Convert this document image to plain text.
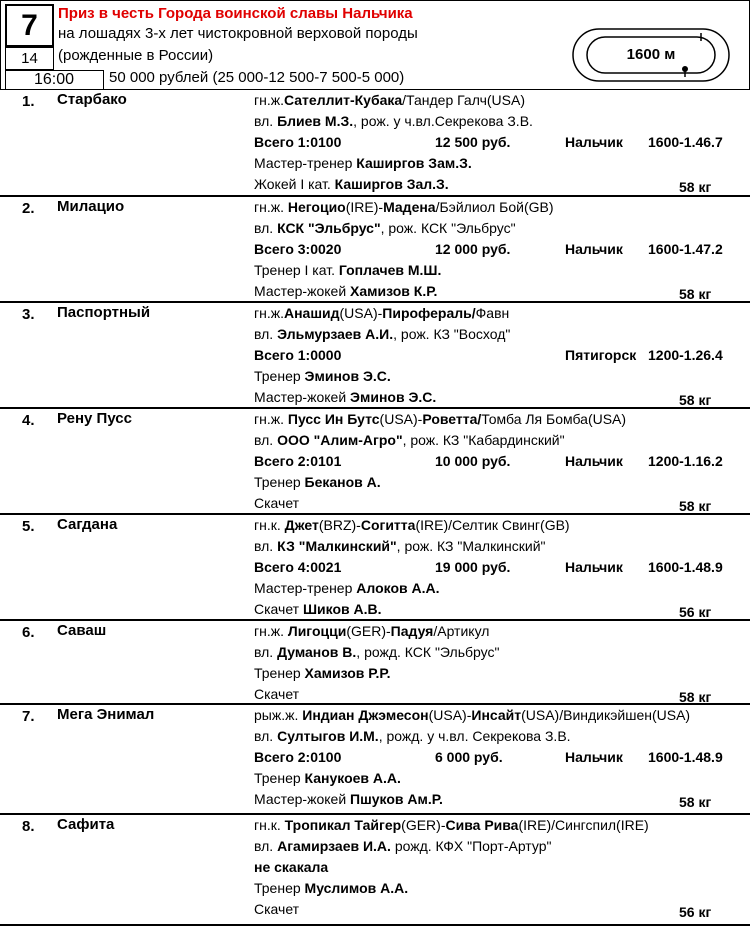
7
14
16:00
Приз в честь Города воинской славы Нальчика
на лошадях 3-х лет чистокровной верховой породы
(рожденные в России)
50 000 рублей (25 000-12 500-7 500-5 000)
1600 м
1. Старбако	гн.ж.Сателлит-Кубака/Тандер Галч(USA)
вл. Блиев М.З., рож. у ч.вл.Секрекова З.В.
Всего 1:0100	12 500 руб.	Нальчик 1600-1.46.7
Мастер-тренер Каширгов Зам.З.
Жокей I кат. Каширгов Зал.З.	58 кг
2. Милацио	гн.ж. Негоцио(IRE)-Мадена/Бэйлиол Бой(GB)
вл. КСК "Эльбрус", рож. КСК "Эльбрус"
Всего 3:0020	12 000 руб.	Нальчик 1600-1.47.2
Тренер I кат. Гоплачев М.Ш.
Мастер-жокей Хамизов К.Р.	58 кг
3. Паспортный	гн.ж.Анашид(USA)-Пирофераль/Фавн
вл. Эльмурзаев А.И., рож. КЗ "Восход"
Всего 1:0000	Пятигорск 1200-1.26.4
Тренер Эминов Э.С.
Мастер-жокей Эминов Э.С.	58 кг
4. Рену Пусс	гн.ж. Пусс Ин Бутс(USA)-Роветта/Томба Ля Бомба(USA)
вл. ООО "Алим-Агро", рож. КЗ "Кабардинский"
Всего 2:0101	10 000 руб.	Нальчик 1200-1.16.2
Тренер Беканов А.
Скачет	58 кг
5. Сагдана	гн.к. Джет(BRZ)-Согитта(IRE)/Селтик Свинг(GB)
вл. КЗ "Малкинский", рож. КЗ "Малкинский"
Всего 4:0021	19 000 руб.	Нальчик 1600-1.48.9
Мастер-тренер Алоков А.А.
Скачет Шиков А.В.	56 кг
6. Саваш	гн.ж. Лигоцци(GER)-Падуя/Артикул
вл. Думанов В., рожд. КСК "Эльбрус"
Тренер Хамизов Р.Р.
Скачет	58 кг
7. Мега Энимал	рыж.ж. Индиан Джэмесон(USA)-Инсайт(USA)/Виндикэйшен(USA)
вл. Султыгов И.М., рожд. у ч.вл. Секрекова З.В.
Всего 2:0100	6 000 руб.	Нальчик 1600-1.48.9
Тренер Канукоев А.А.
Мастер-жокей Пшуков Ам.Р.	58 кг
8. Сафита	гн.к. Тропикал Тайгер(GER)-Сива Рива(IRE)/Сингспил(IRE)
вл. Агамирзаев И.А. рожд. КФХ "Порт-Артур"
не скакала
Тренер Муслимов А.А.
Скачет	56 кг
